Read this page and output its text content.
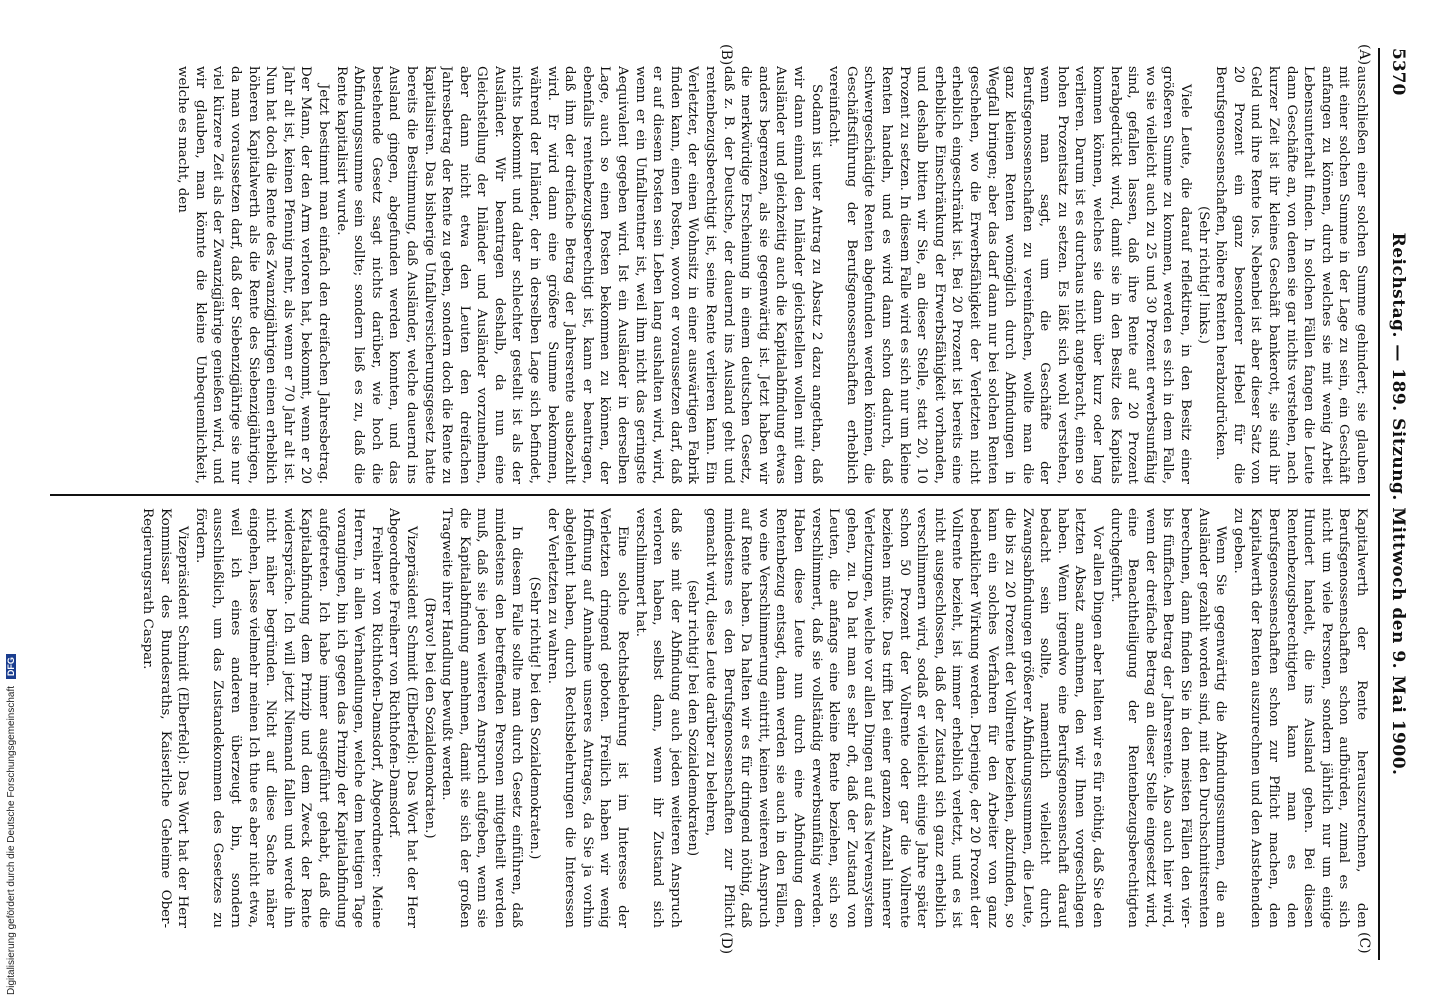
5370
Reichstag. — 189. Sitzung. Mittwoch den 9. Mai 1900.
(A)
(B)
(C)
(D)

ausschließen einer solchen Summe gehindert; sie glauben mit einer solchen Summe in der Lage zu sein, ein Geschäft anfangen zu können, durch welches sie mit wenig Arbeit Lebensunterhalt finden. In solchen Fällen fangen die Leute dann Geschäfte an, von denen sie gar nichts verstehen, nach kurzer Zeit ist ihr kleines Geschäft bankerott, sie sind ihr Geld und ihre Rente los. Nebenbei ist aber dieser Satz von 20 Prozent ein ganz besonderer Hebel für die Berufsgenossenschaften, höhere Renten herabzudrücken.

(Sehr richtig! links.)

Viele Leute, die darauf reflektiren, in den Besitz einer größeren Summe zu kommen, werden es sich in dem Falle, wo sie vielleicht auch zu 25 und 30 Prozent erwerbsunfähig sind, gefallen lassen, daß ihre Rente auf 20 Prozent herabgedrückt wird, damit sie in den Besitz des Kapitals kommen können, welches sie dann über kurz oder lang verlieren. Darum ist es durchaus nicht angebracht, einen so hohen Prozentsatz zu setzen. Es läßt sich wohl verstehen, wenn man sagt, um die Geschäfte der Berufsgenossenschaften zu vereinfachen, wollte man die ganz kleinen Renten womöglich durch Abfindungen in Wegfall bringen; aber das darf dann nur bei solchen Renten geschehen, wo die Erwerbsfähigkeit der Verletzten nicht erheblich eingeschränkt ist. Bei 20 Prozent ist bereits eine erhebliche Einschränkung der Erwerbsfähigkeit vorhanden, und deshalb bitten wir Sie, an dieser Stelle, statt 20, 10 Prozent zu setzen. In diesem Falle wird es sich nur um kleine Renten handeln, und es wird dann schon dadurch, daß schwergeschädigte Renten abgefunden werden können, die Geschäftsführung der Berufsgenossenschaften erheblich vereinfacht.

Sodann ist unter Antrag zu Absatz 2 dazu angethan, daß wir dann einmal den Inländer gleichstellen wollen mit dem Ausländer und gleichzeitig auch die Kapitalabfindung etwas anders begrenzen, als sie gegenwärtig ist. Jetzt haben wir die merkwürdige Erscheinung in einem deutschen Gesetz, daß z. B. der Deutsche, der dauernd ins Ausland geht und rentenbezugsberechtigt ist, seine Rente verlieren kann. Ein Verletzter, der einen Wohnsitz in einer auswärtigen Fabrik finden kann, einen Posten, wovon er voraussetzen darf, daß er auf diesem Posten sein Leben lang aushalten wird, wird, wenn er ein Unfallrentner ist, weil ihm nicht das geringste Aequivalent gegeben wird. Ist ein Ausländer in derselben Lage, auch so einen Posten bekommen zu können, der ebenfalls rentenbezugsberechtigt ist, kann er beantragen, daß ihm der dreifache Betrag der Jahresrente ausbezahlt wird. Er wird dann eine größere Summe bekommen, während der Inländer, der in derselben Lage sich befindet, nichts bekommt und daher schlechter gestellt ist als der Ausländer. Wir beantragen deshalb, da nun eine Gleichstellung der Inländer und Ausländer vorzunehmen, aber dann nicht etwa den Leuten den dreifachen Jahresbetrag der Rente zu geben, sondern doch die Rente zu kapitalisiren. Das bisherige Unfallversicherungsgesetz hatte bereits die Bestimmung, daß Ausländer, welche dauernd ins Ausland gingen, abgefunden werden konnten, und das bestehende Gesetz sagt nichts darüber, wie hoch die Abfindungssumme sein sollte; sondern ließ es zu, daß die Rente kapitalisirt wurde.

Jetzt bestimmt man einfach den dreifachen Jahresbetrag. Der Mann, der den Arm verloren hat, bekommt, wenn er 20 Jahr alt ist, keinen Pfennig mehr, als wenn er 70 Jahr alt ist. Nun hat doch die Rente des Zwanzigjährigen einen erheblich höheren Kapitalwerth als die Rente des Siebenzigjährigen, da man voraussetzen darf, daß der Siebenzigjährige sie nur viel kürzere Zeit als der Zwanzigjährige genießen wird, und wir glauben, man könnte die kleine Unbequemlichkeit, welche es macht, den

Kapitalwerth der Rente herauszurechnen, den Berufsgenossenschaften schon aufbürden, zumal es sich nicht um viele Personen, sondern jährlich nur um einige Hundert handelt, die ins Ausland gehen. Bei diesen Rentenbezugsberechtigten kann man es den Berufsgenossenschaften schon zur Pflicht machen, den Kapitalwerth der Renten auszurechnen und den Anstehenden zu geben.

Wenn Sie gegenwärtig die Abfindungssummen, die an Ausländer gezahlt worden sind, mit den Durchschnittsrenten berechnen, dann finden Sie in den meisten Fällen den vier- bis fünffachen Betrag der Jahresrente. Also auch hier wird, wenn der dreifache Betrag an dieser Stelle eingesetzt wird, eine Benachtheiligung der Rentenbezugsberechtigten durchgeführt.

Vor allen Dingen aber halten wir es für nöthig, daß Sie den letzten Absatz annehmen, den wir Ihnen vorgeschlagen haben. Wenn irgendwo eine Berufsgenossenschaft darauf bedacht sein sollte, namentlich vielleicht durch Zwangsabfindungen größerer Abfindungssummen, die Leute, die bis zu 20 Prozent der Vollrente beziehen, abzufinden, so kann ein solches Verfahren für den Arbeiter von ganz bedenklicher Wirkung werden. Derjenige, der 20 Prozent der Vollrente bezieht, ist immer erheblich verletzt, und es ist nicht ausgeschlossen, daß der Zustand sich ganz erheblich verschlimmern wird, sodaß er vielleicht einige Jahre später schon 50 Prozent der Vollrente oder gar die Vollrente beziehen müßte. Das trifft bei einer ganzen Anzahl innerer Verletzungen, welche vor allen Dingen auf das Nervensystem gehen, zu. Da hat man es sehr oft, daß der Zustand von Leuten, die anfangs eine kleine Rente beziehen, sich so verschlimmert, daß sie vollständig erwerbsunfähig werden. Haben diese Leute nun durch eine Abfindung dem Rentenbezug entsagt, dann werden sie auch in den Fällen, wo eine Verschlimmerung eintritt, keinen weiteren Anspruch auf Rente haben. Da halten wir es für dringend nöthig, daß mindestens es den Berufsgenossenschaften zur Pflicht gemacht wird, diese Leute darüber zu belehren,

(sehr richtig! bei den Sozialdemokraten)

daß sie mit der Abfindung auch jeden weiteren Anspruch verloren haben, selbst dann, wenn ihr Zustand sich verschlimmert hat.

Eine solche Rechtsbelehrung ist im Interesse der Verletzten dringend geboten. Freilich haben wir wenig Hoffnung auf Annahme unseres Antrages, da Sie ja vorhin abgelehnt haben, durch Rechtsbelehrungen die Interessen der Verletzten zu wahren.

(Sehr richtig! bei den Sozialdemokraten.)

In diesem Falle sollte man durch Gesetz einführen, daß mindestens den betreffenden Personen mitgetheilt werden muß, daß sie jeden weiteren Anspruch aufgeben, wenn sie die Kapitalabfindung annehmen, damit sie sich der großen Tragweite ihrer Handlung bewußt werden.

(Bravo! bei den Sozialdemokraten.)

Vizepräsident Schmidt (Elberfeld): Das Wort hat der Herr Abgeordnete Freiherr von Richthofen-Damsdorf.

Freiherr von Richthofen-Damsdorf, Abgeordneter: Meine Herren, in allen Verhandlungen, welche dem heutigen Tage vorangingen, bin ich gegen das Prinzip der Kapitalabfindung aufgetreten. Ich habe immer ausgeführt gehabt, daß die Kapitalabfindung dem Prinzip und dem Zweck der Rente widerspräche. Ich will jetzt Niemand fallen und werde ihn nicht näher begründen. Nicht auf diese Sache näher eingehen, lasse vielmehr meinen Ich thue es aber nicht etwa, weil ich eines anderen überzeugt bin, sondern ausschließlich, um das Zustandekommen des Gesetzes zu fördern.

Vizepräsident Schmidt (Elberfeld): Das Wort hat der Herr Kommissar des Bundesraths, Kaiserliche Geheime Ober-Regierungsrath Caspar.

Digitalisierung gefördert durch die Deutsche Forschungsgemeinschaft DFG
